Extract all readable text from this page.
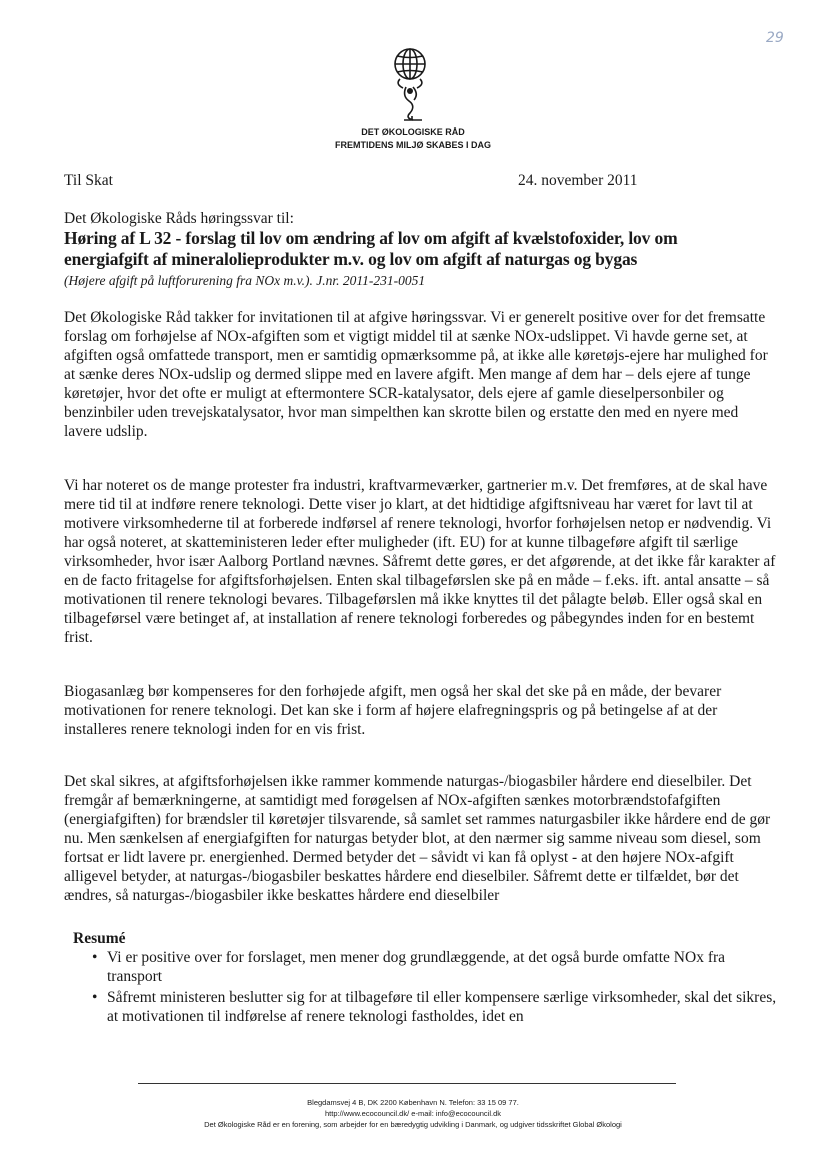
29
DET ØKOLOGISKE RÅD
FREMTIDENS MILJØ SKABES I DAG
Til Skat	24. november 2011
Det Økologiske Råds høringssvar til:
Høring af L 32 - forslag til lov om ændring af lov om afgift af kvælstofoxider, lov om energiafgift af mineralolieprodukter m.v. og lov om afgift af naturgas og bygas
(Højere afgift på luftforurening fra NOx m.v.). J.nr. 2011-231-0051

Det Økologiske Råd takker for invitationen til at afgive høringssvar. Vi er generelt positive over for det fremsatte forslag om forhøjelse af NOx-afgiften som et vigtigt middel til at sænke NOx-udslippet. Vi havde gerne set, at afgiften også omfattede transport, men er samtidig opmærksomme på, at ikke alle køretøjs-ejere har mulighed for at sænke deres NOx-udslip og dermed slippe med en lavere afgift. Men mange af dem har – dels ejere af tunge køretøjer, hvor det ofte er muligt at eftermontere SCR-katalysator, dels ejere af gamle dieselpersonbiler og benzinbiler uden trevejskatalysator, hvor man simpelthen kan skrotte bilen og erstatte den med en nyere med lavere udslip.

Vi har noteret os de mange protester fra industri, kraftvarmeværker, gartnerier m.v. Det fremføres, at de skal have mere tid til at indføre renere teknologi. Dette viser jo klart, at det hidtidige afgiftsniveau har været for lavt til at motivere virksomhederne til at forberede indførsel af renere teknologi, hvorfor forhøjelsen netop er nødvendig. Vi har også noteret, at skatteministeren leder efter muligheder (ift. EU) for at kunne tilbageføre afgift til særlige virksomheder, hvor især Aalborg Portland nævnes. Såfremt dette gøres, er det afgørende, at det ikke får karakter af en de facto fritagelse for afgiftsforhøjelsen. Enten skal tilbageførslen ske på en måde – f.eks. ift. antal ansatte – så motivationen til renere teknologi bevares. Tilbageførslen må ikke knyttes til det pålagte beløb. Eller også skal en tilbageførsel være betinget af, at installation af renere teknologi forberedes og påbegyndes inden for en bestemt frist.

Biogasanlæg bør kompenseres for den forhøjede afgift, men også her skal det ske på en måde, der bevarer motivationen for renere teknologi. Det kan ske i form af højere elafregningspris og på betingelse af at der installeres renere teknologi inden for en vis frist.

Det skal sikres, at afgiftsforhøjelsen ikke rammer kommende naturgas-/biogasbiler hårdere end dieselbiler. Det fremgår af bemærkningerne, at samtidigt med forøgelsen af NOx-afgiften sænkes motorbrændstofafgiften (energiafgiften) for brændsler til køretøjer tilsvarende, så samlet set rammes naturgasbiler ikke hårdere end de gør nu. Men sænkelsen af energiafgiften for naturgas betyder blot, at den nærmer sig samme niveau som diesel, som fortsat er lidt lavere pr. energienhed. Dermed betyder det – såvidt vi kan få oplyst - at den højere NOx-afgift alligevel betyder, at naturgas-/biogasbiler beskattes hårdere end dieselbiler. Såfremt dette er tilfældet, bør det ændres, så naturgas-/biogasbiler ikke beskattes hårdere end dieselbiler

Resumé
• Vi er positive over for forslaget, men mener dog grundlæggende, at det også burde omfatte NOx fra transport
• Såfremt ministeren beslutter sig for at tilbageføre til eller kompensere særlige virksomheder, skal det sikres, at motivationen til indførelse af renere teknologi fastholdes, idet en
Blegdamsvej 4 B, DK 2200 København N. Telefon: 33 15 09 77.
http://www.ecocouncil.dk/ e-mail: info@ecocouncil.dk
Det Økologiske Råd er en forening, som arbejder for en bæredygtig udvikling i Danmark, og udgiver tidsskriftet Global Økologi
